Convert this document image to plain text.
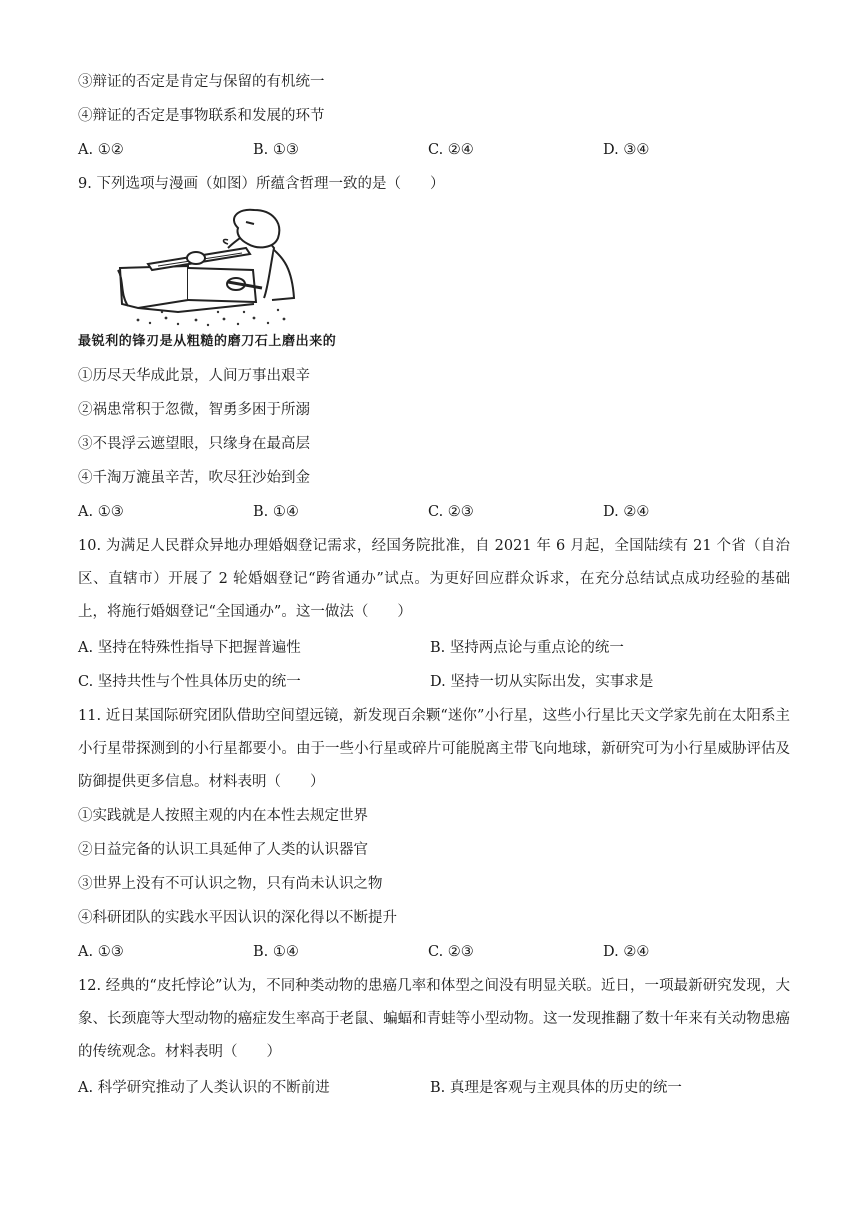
③辩证的否定是肯定与保留的有机统一
④辩证的否定是事物联系和发展的环节
A. ①②	B. ①③	C. ②④	D. ③④
9. 下列选项与漫画（如图）所蕴含哲理一致的是（　　）
最锐利的锋刃是从粗糙的磨刀石上磨出来的
①历尽天华成此景，人间万事出艰辛
②祸患常积于忽微，智勇多困于所溺
③不畏浮云遮望眼，只缘身在最高层
④千淘万漉虽辛苦，吹尽狂沙始到金
A. ①③	B. ①④	C. ②③	D. ②④
10. 为满足人民群众异地办理婚姻登记需求，经国务院批准，自 2021 年 6 月起，全国陆续有 21 个省（自治区、直辖市）开展了 2 轮婚姻登记“跨省通办”试点。为更好回应群众诉求，在充分总结试点成功经验的基础上，将施行婚姻登记“全国通办”。这一做法（　　）
A. 坚持在特殊性指导下把握普遍性	B. 坚持两点论与重点论的统一
C. 坚持共性与个性具体历史的统一	D. 坚持一切从实际出发，实事求是
11. 近日某国际研究团队借助空间望远镜，新发现百余颗“迷你”小行星，这些小行星比天文学家先前在太阳系主小行星带探测到的小行星都要小。由于一些小行星或碎片可能脱离主带飞向地球，新研究可为小行星威胁评估及防御提供更多信息。材料表明（　　）
①实践就是人按照主观的内在本性去规定世界
②日益完备的认识工具延伸了人类的认识器官
③世界上没有不可认识之物，只有尚未认识之物
④科研团队的实践水平因认识的深化得以不断提升
A. ①③	B. ①④	C. ②③	D. ②④
12. 经典的“皮托悖论”认为，不同种类动物的患癌几率和体型之间没有明显关联。近日，一项最新研究发现，大象、长颈鹿等大型动物的癌症发生率高于老鼠、蝙蝠和青蛙等小型动物。这一发现推翻了数十年来有关动物患癌的传统观念。材料表明（　　）
A. 科学研究推动了人类认识的不断前进	B. 真理是客观与主观具体的历史的统一
